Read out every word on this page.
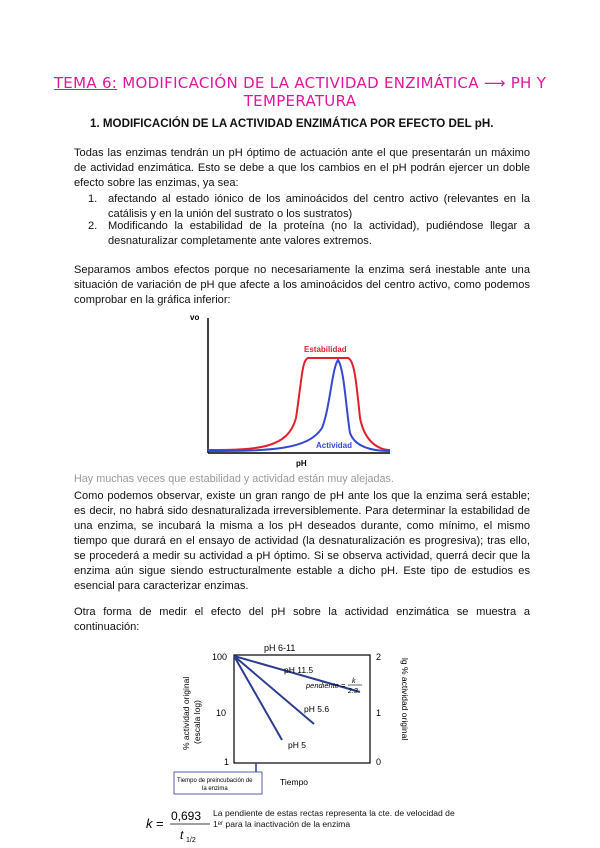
TEMA 6: MODIFICACIÓN DE LA ACTIVIDAD ENZIMÁTICA ⟶ PH Y TEMPERATURA
1. MODIFICACIÓN DE LA ACTIVIDAD ENZIMÁTICA POR EFECTO DEL pH.

Todas las enzimas tendrán un pH óptimo de actuación ante el que presentarán un máximo de actividad enzimática. Esto se debe a que los cambios en el pH podrán ejercer un doble efecto sobre las enzimas, ya sea:

1. afectando al estado iónico de los aminoácidos del centro activo (relevantes en la catálisis y en la unión del sustrato o los sustratos)
2. Modificando la estabilidad de la proteína (no la actividad), pudiéndose llegar a desnaturalizar completamente ante valores extremos.

Separamos ambos efectos porque no necesariamente la enzima será inestable ante una situación de variación de pH que afecte a los aminoácidos del centro activo, como podemos comprobar en la gráfica inferior:

vo
Estabilidad
Actividad
pH
Hay muchas veces que estabilidad y actividad están muy alejadas.

Como podemos observar, existe un gran rango de pH ante los que la enzima será estable; es decir, no habrá sido desnaturalizada irreversiblemente. Para determinar la estabilidad de una enzima, se incubará la misma a los pH deseados durante, como mínimo, el mismo tiempo que durará en el ensayo de actividad (la desnaturalización es progresiva); tras ello, se procederá a medir su actividad a pH óptimo. Si se observa actividad, querrá decir que la enzima aún sigue siendo estructuralmente estable a dicho pH. Este tipo de estudios es esencial para caracterizar enzimas.

Otra forma de medir el efecto del pH sobre la actividad enzimática se muestra a continuación:

pH 6-11
100
10
1
2
1
0
% actividad original (escala log)	lg % actividad original
pH 11.5
pH 5.6
pH 5
pendiente = k
2.3
Tiempo de preincubación de
la enzima
Tiempo
k = 0,693
t 1/2
La pendiente de estas rectas representa la cte. de velocidad de
1ᵉʳ para la inactivación de la enzima
